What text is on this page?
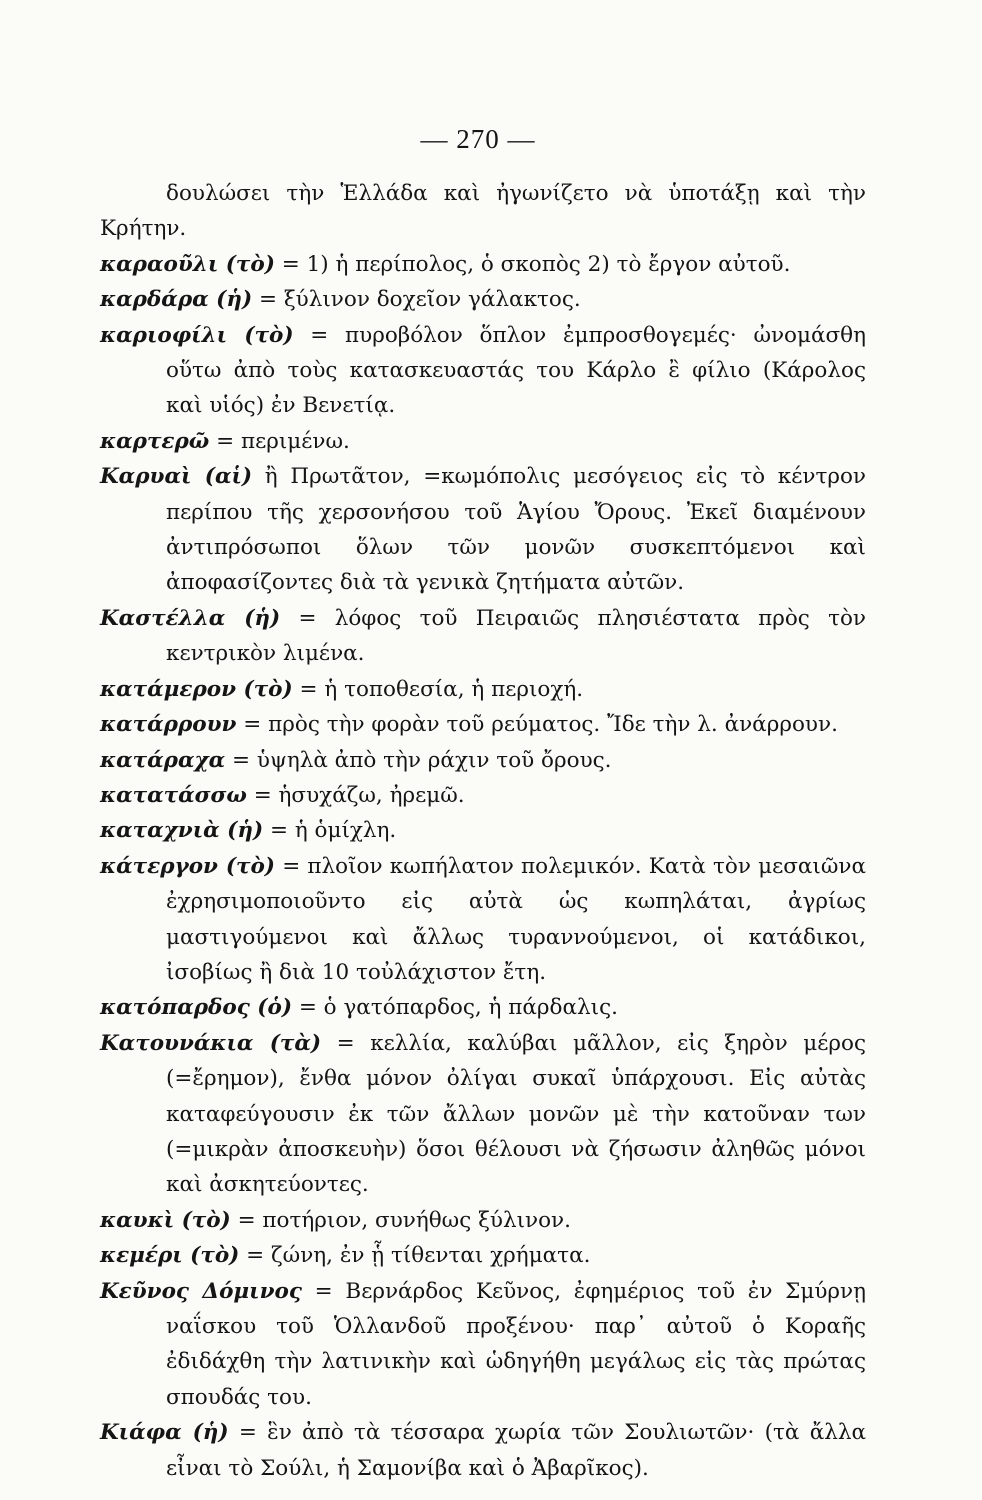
— 270 —

δουλώσει τὴν Ἑλλάδα καὶ ἠγωνίζετο νὰ ὑποτάξῃ καὶ τὴν Κρήτην.

καραοῦλι (τὸ) = 1) ἡ περίπολος, ὁ σκοπὸς 2) τὸ ἔργον αὐτοῦ.

καρδάρα (ἡ) = ξύλινον δοχεῖον γάλακτος.

καριοφίλι (τὸ) = πυροβόλον ὅπλον ἐμπροσθογεμές· ὠνομάσθη οὕτω ἀπὸ τοὺς κατασκευαστάς του Κάρλο ἒ φίλιο (Κάρολος καὶ υἱός) ἐν Βενετίᾳ.

καρτερῶ = περιμένω.

Καρυαὶ (αἱ) ἢ Πρωτᾶτον, =κωμόπολις μεσόγειος εἰς τὸ κέντρον περίπου τῆς χερσονήσου τοῦ Ἁγίου Ὄρους. Ἐκεῖ διαμένουν ἀντιπρόσωποι ὅλων τῶν μονῶν συσκεπτόμενοι καὶ ἀποφασίζοντες διὰ τὰ γενικὰ ζητήματα αὐτῶν.

Καστέλλα (ἡ) = λόφος τοῦ Πειραιῶς πλησιέστατα πρὸς τὸν κεντρικὸν λιμένα.

κατάμερον (τὸ) = ἡ τοποθεσία, ἡ περιοχή.

κατάρρουν = πρὸς τὴν φορὰν τοῦ ρεύματος. Ἴδε τὴν λ. ἀνάρρουν.

κατάραχα = ὑψηλὰ ἀπὸ τὴν ράχιν τοῦ ὄρους.

κατατάσσω = ἡσυχάζω, ἠρεμῶ.

καταχνιὰ (ἡ) = ἡ ὁμίχλη.

κάτεργον (τὸ) = πλοῖον κωπήλατον πολεμικόν. Κατὰ τὸν μεσαιῶνα ἐχρησιμοποιοῦντο εἰς αὐτὰ ὡς κωπηλάται, ἀγρίως μαστιγούμενοι καὶ ἄλλως τυραννούμενοι, οἱ κατάδικοι, ἰσοβίως ἢ διὰ 10 τοὐλάχιστον ἔτη.

κατόπαρδος (ὁ) = ὁ γατόπαρδος, ἡ πάρδαλις.

Κατουνάκια (τὰ) = κελλία, καλύβαι μᾶλλον, εἰς ξηρὸν μέρος (=ἔρημον), ἔνθα μόνον ὀλίγαι συκαῖ ὑπάρχουσι. Εἰς αὐτὰς καταφεύγουσιν ἐκ τῶν ἄλλων μονῶν μὲ τὴν κατοῦναν των (=μικρὰν ἀποσκευὴν) ὅσοι θέλουσι νὰ ζήσωσιν ἀληθῶς μόνοι καὶ ἀσκητεύοντες.

καυκὶ (τὸ) = ποτήριον, συνήθως ξύλινον.

κεμέρι (τὸ) = ζώνη, ἐν ᾗ τίθενται χρήματα.

Κεῦνος Δόμινος = Βερνάρδος Κεῦνος, ἐφημέριος τοῦ ἐν Σμύρνῃ ναΐσκου τοῦ Ὁλλανδοῦ προξένου· παρ᾽ αὐτοῦ ὁ Κοραῆς ἐδιδάχθη τὴν λατινικὴν καὶ ὡδηγήθη μεγάλως εἰς τὰς πρώτας σπουδάς του.

Κιάφα (ἡ) = ἓν ἀπὸ τὰ τέσσαρα χωρία τῶν Σουλιωτῶν· (τὰ ἄλλα εἶναι τὸ Σούλι, ἡ Σαμονίβα καὶ ὁ Ἀβαρῖκος).
